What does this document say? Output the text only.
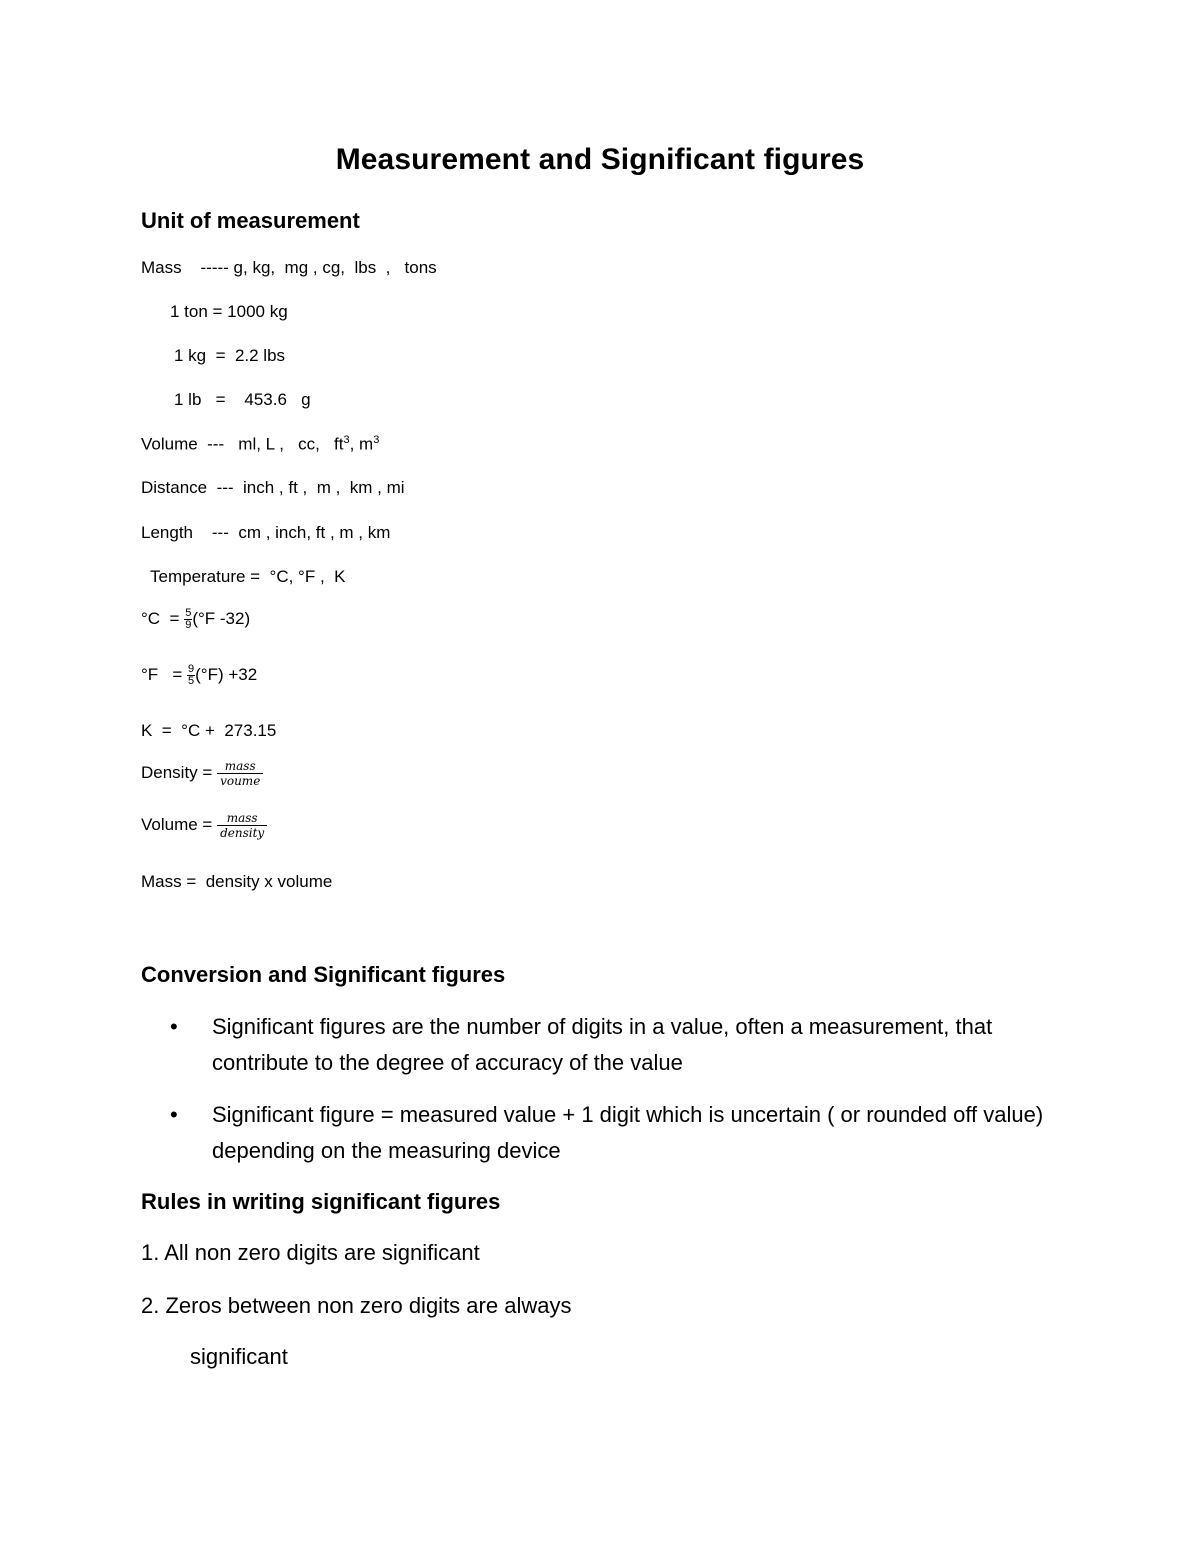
Measurement and Significant figures
Unit of measurement
Mass    ----- g, kg,  mg , cg,  lbs  ,   tons
1 ton = 1000 kg
1 kg  =  2.2 lbs
1 lb   =    453.6   g
Volume  ---   ml, L ,   cc,   $ft^3$, $m^3$
Distance  ---  inch , ft ,  m ,  km , mi
Length    ---  cm , inch, ft , m , km
Temperature =  °C, °F ,  K
$^\circ C = \frac{5}{9} (^\circ F$ -32)
$^\circ F = \frac{9}{5} (^\circ F) +32$
K  =  °C +  273.15
Density = $\frac{\text{mass}}{\text{voume}}$
Volume = $\frac{\text{mass}}{\text{density}}$
Mass =  density x volume
Conversion and Significant figures
•	Significant figures are the number of digits in a value, often a measurement, that contribute to the degree of accuracy of the value
•	Significant figure = measured value + 1 digit which is uncertain ( or rounded off value) depending on the measuring device
Rules in writing significant figures
1. All non zero digits are significant
2. Zeros between non zero digits are always
significant
